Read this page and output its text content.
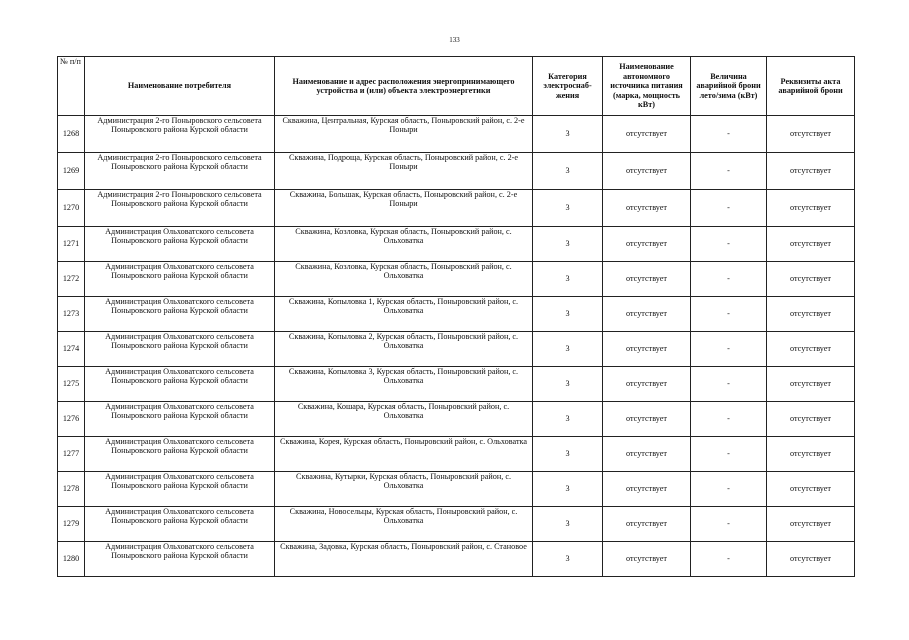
133
№ п/п	Наименование потребителя	Наименование и адрес расположения энергопринимающего устройства и (или) объекта электроэнергетики	Категория электроснаб-жения	Наименование автономного источника питания (марка, мощность кВт)	Величина аварийной брони лето/зима (кВт)	Реквизиты акта аварийной брони
1268	Администрация 2-го Поныровского сельсовета Поныровского района Курской области	Скважина, Центральная, Курская область, Поныровский район, с. 2-е Поныри	3	отсутствует	-	отсутствует
1269	Администрация 2-го Поныровского сельсовета Поныровского района Курской области	Скважина, Подроща, Курская область, Поныровский район, с. 2-е Поныри	3	отсутствует	-	отсутствует
1270	Администрация 2-го Поныровского сельсовета Поныровского района Курской области	Скважина, Большак, Курская область, Поныровский район, с. 2-е Поныри	3	отсутствует	-	отсутствует
1271	Администрация Ольховатского сельсовета Поныровского района Курской области	Скважина, Козловка, Курская область, Поныровский район, с. Ольховатка	3	отсутствует	-	отсутствует
1272	Администрация Ольховатского сельсовета Поныровского района Курской области	Скважина, Козловка, Курская область, Поныровский район, с. Ольховатка	3	отсутствует	-	отсутствует
1273	Администрация Ольховатского сельсовета Поныровского района Курской области	Скважина, Копыловка 1, Курская область, Поныровский район, с. Ольховатка	3	отсутствует	-	отсутствует
1274	Администрация Ольховатского сельсовета Поныровского района Курской области	Скважина, Копыловка 2, Курская область, Поныровский район, с. Ольховатка	3	отсутствует	-	отсутствует
1275	Администрация Ольховатского сельсовета Поныровского района Курской области	Скважина, Копыловка 3, Курская область, Поныровский район, с. Ольховатка	3	отсутствует	-	отсутствует
1276	Администрация Ольховатского сельсовета Поныровского района Курской области	Скважина, Кошара, Курская область, Поныровский район, с. Ольховатка	3	отсутствует	-	отсутствует
1277	Администрация Ольховатского сельсовета Поныровского района Курской области	Скважина, Корея, Курская область, Поныровский район, с. Ольховатка	3	отсутствует	-	отсутствует
1278	Администрация Ольховатского сельсовета Поныровского района Курской области	Скважина, Кутырки, Курская область, Поныровский район, с. Ольховатка	3	отсутствует	-	отсутствует
1279	Администрация Ольховатского сельсовета Поныровского района Курской области	Скважина, Новосельцы, Курская область, Поныровский район, с. Ольховатка	3	отсутствует	-	отсутствует
1280	Администрация Ольховатского сельсовета Поныровского района Курской области	Скважина, Задовка, Курская область, Поныровский район, с. Становое	3	отсутствует	-	отсутствует
